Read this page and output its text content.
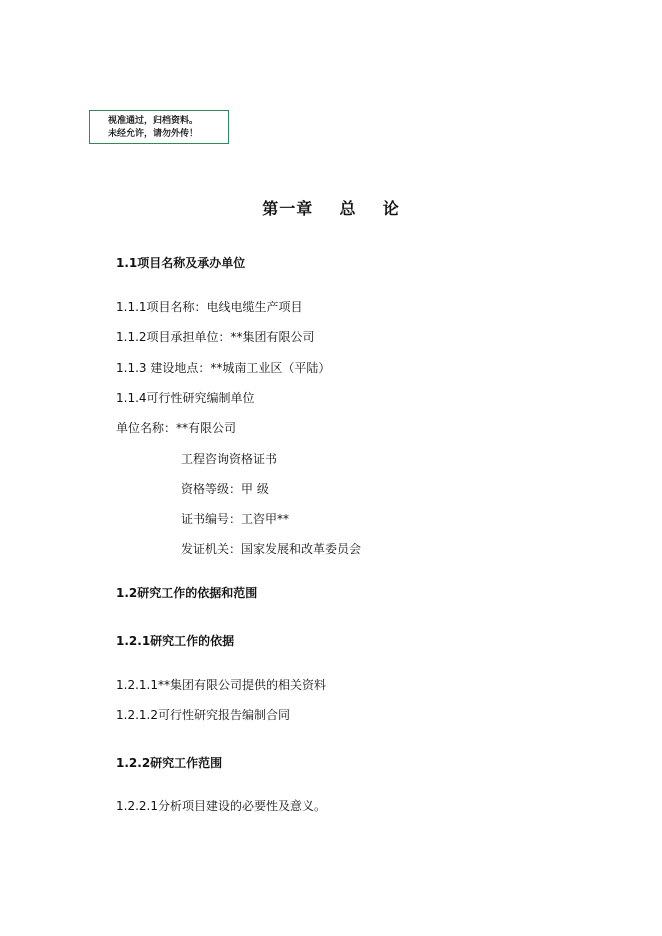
视准通过，归档资料。
未经允许，请勿外传！
第一章    总    论
1.1项目名称及承办单位
1.1.1项目名称：电线电缆生产项目
1.1.2项目承担单位：**集团有限公司
1.1.3 建设地点：**城南工业区（平陆）
1.1.4可行性研究编制单位
单位名称：**有限公司
工程咨询资格证书
资格等级：甲 级
证书编号：工咨甲**
发证机关：国家发展和改革委员会
1.2研究工作的依据和范围
1.2.1研究工作的依据
1.2.1.1**集团有限公司提供的相关资料
1.2.1.2可行性研究报告编制合同
1.2.2研究工作范围
1.2.2.1分析项目建设的必要性及意义。
